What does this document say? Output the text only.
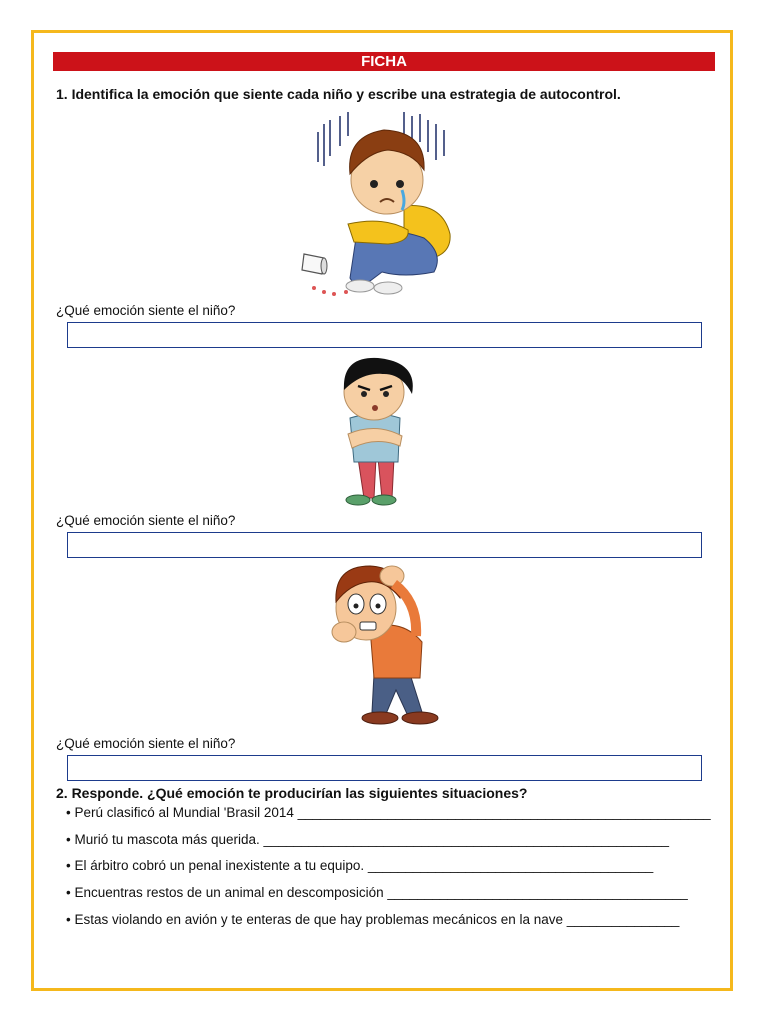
FICHA
1. Identifica la emoción que siente cada niño y escribe una estrategia de autocontrol.
¿Qué emoción siente el niño?
¿Qué emoción siente el niño?
¿Qué emoción siente el niño?
2. Responde. ¿Qué emoción te producirían las siguientes situaciones?
• Perú clasificó al Mundial 'Brasil 2014 _______________________________________________________
• Murió tu mascota más querida. ______________________________________________________
• El árbitro cobró un penal inexistente a tu equipo. ______________________________________
• Encuentras restos de un animal en descomposición ________________________________________
• Estas violando en avión y te enteras de que hay problemas mecánicos en la nave _______________
